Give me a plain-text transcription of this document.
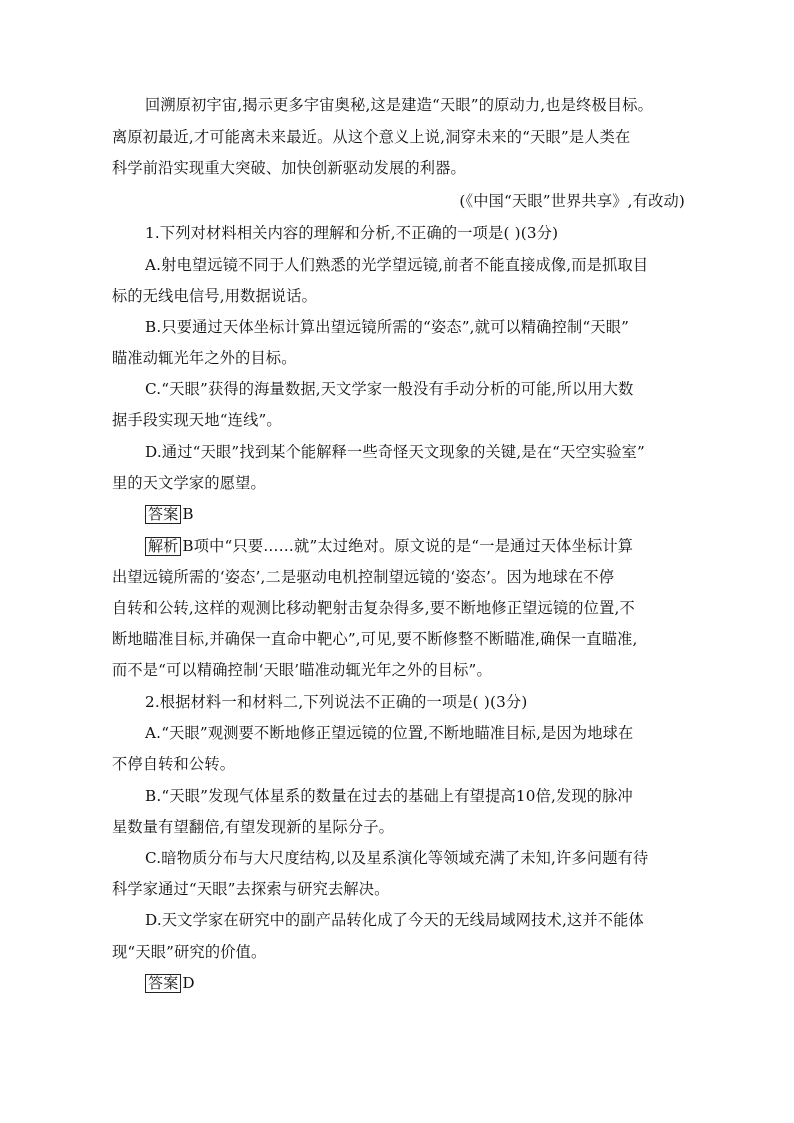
回溯原初宇宙,揭示更多宇宙奥秘,这是建造“天眼”的原动力,也是终极目标。
离原初最近,才可能离未来最近。从这个意义上说,洞穿未来的“天眼”是人类在
科学前沿实现重大突破、加快创新驱动发展的利器。
(《中国“天眼”世界共享》,有改动)
1.下列对材料相关内容的理解和分析,不正确的一项是( )(3分)
A.射电望远镜不同于人们熟悉的光学望远镜,前者不能直接成像,而是抓取目
标的无线电信号,用数据说话。
B.只要通过天体坐标计算出望远镜所需的“姿态”,就可以精确控制“天眼”
瞄准动辄光年之外的目标。
C.“天眼”获得的海量数据,天文学家一般没有手动分析的可能,所以用大数
据手段实现天地“连线”。
D.通过“天眼”找到某个能解释一些奇怪天文现象的关键,是在“天空实验室”
里的天文学家的愿望。
答案 B
解析 B项中“只要……就”太过绝对。原文说的是“一是通过天体坐标计算
出望远镜所需的‘姿态’,二是驱动电机控制望远镜的‘姿态’。因为地球在不停
自转和公转,这样的观测比移动靶射击复杂得多,要不断地修正望远镜的位置,不
断地瞄准目标,并确保一直命中靶心”,可见,要不断修整不断瞄准,确保一直瞄准,
而不是“可以精确控制‘天眼’瞄准动辄光年之外的目标”。
2.根据材料一和材料二,下列说法不正确的一项是( )(3分)
A.“天眼”观测要不断地修正望远镜的位置,不断地瞄准目标,是因为地球在
不停自转和公转。
B.“天眼”发现气体星系的数量在过去的基础上有望提高10倍,发现的脉冲
星数量有望翻倍,有望发现新的星际分子。
C.暗物质分布与大尺度结构,以及星系演化等领域充满了未知,许多问题有待
科学家通过“天眼”去探索与研究去解决。
D.天文学家在研究中的副产品转化成了今天的无线局域网技术,这并不能体
现“天眼”研究的价值。
答案 D
